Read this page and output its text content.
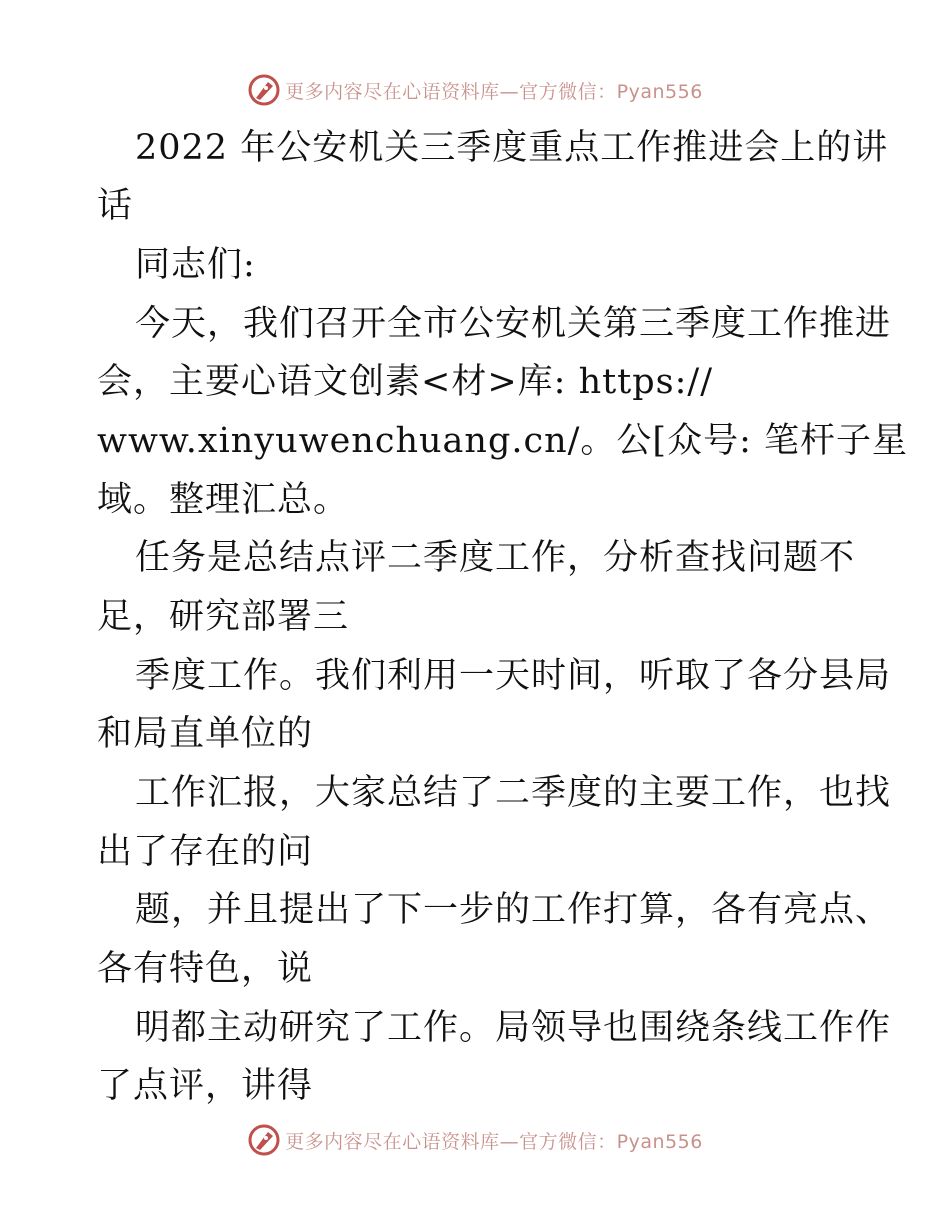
更多内容尽在心语资料库—官方微信：Pyan556
2022 年公安机关三季度重点工作推进会上的讲
话
同志们:
今天，我们召开全市公安机关第三季度工作推进
会，主要心语文创素<材>库: https://
www.xinyuwenchuang.cn/。公[众号: 笔杆子星
域。整理汇总。
任务是总结点评二季度工作，分析查找问题不
足，研究部署三
季度工作。我们利用一天时间，听取了各分县局
和局直单位的
工作汇报，大家总结了二季度的主要工作，也找
出了存在的问
题，并且提出了下一步的工作打算，各有亮点、
各有特色，说
明都主动研究了工作。局领导也围绕条线工作作
了点评，讲得
更多内容尽在心语资料库—官方微信：Pyan556
